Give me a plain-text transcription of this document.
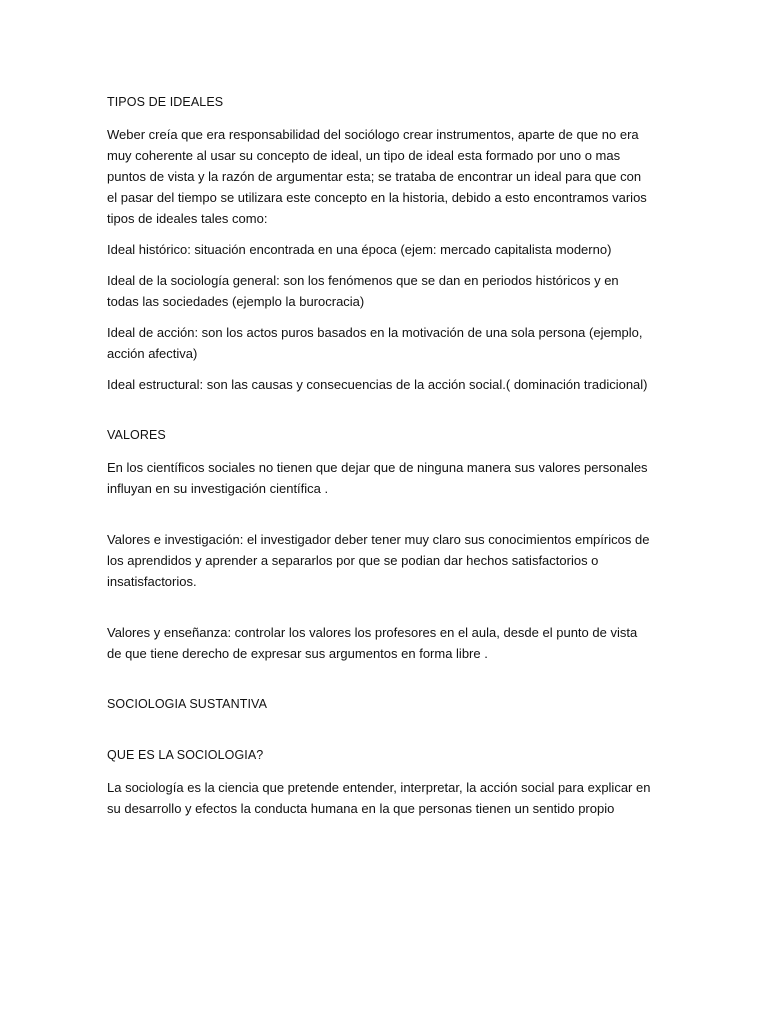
TIPOS DE IDEALES
Weber creía que era responsabilidad del sociólogo crear instrumentos, aparte de que no era muy coherente al usar su concepto de ideal, un tipo de ideal esta formado por uno o mas puntos de vista y la razón de argumentar esta; se trataba de encontrar un ideal para que con el pasar del tiempo se utilizara este concepto en la historia, debido a esto encontramos varios tipos de ideales tales como:
Ideal histórico: situación encontrada en una época (ejem: mercado capitalista moderno)
Ideal de la sociología general: son los fenómenos que se dan en periodos históricos y en todas las sociedades (ejemplo la burocracia)
Ideal de acción: son los actos puros basados en la motivación de una sola persona (ejemplo, acción afectiva)
Ideal estructural: son las causas y consecuencias de la acción social.( dominación tradicional)
VALORES
En los científicos sociales no tienen que dejar que de ninguna manera sus valores personales influyan en su investigación científica .
Valores e investigación: el investigador deber tener muy claro sus conocimientos empíricos de los aprendidos y aprender a separarlos por que se podian dar hechos satisfactorios o insatisfactorios.
Valores y enseñanza: controlar los valores los profesores en el aula, desde el punto de vista de que tiene derecho de expresar sus argumentos en forma libre .
SOCIOLOGIA SUSTANTIVA
QUE ES LA SOCIOLOGIA?
La sociología es la ciencia que pretende entender, interpretar, la acción social para explicar en su desarrollo y efectos la conducta humana en la que personas tienen un sentido propio
